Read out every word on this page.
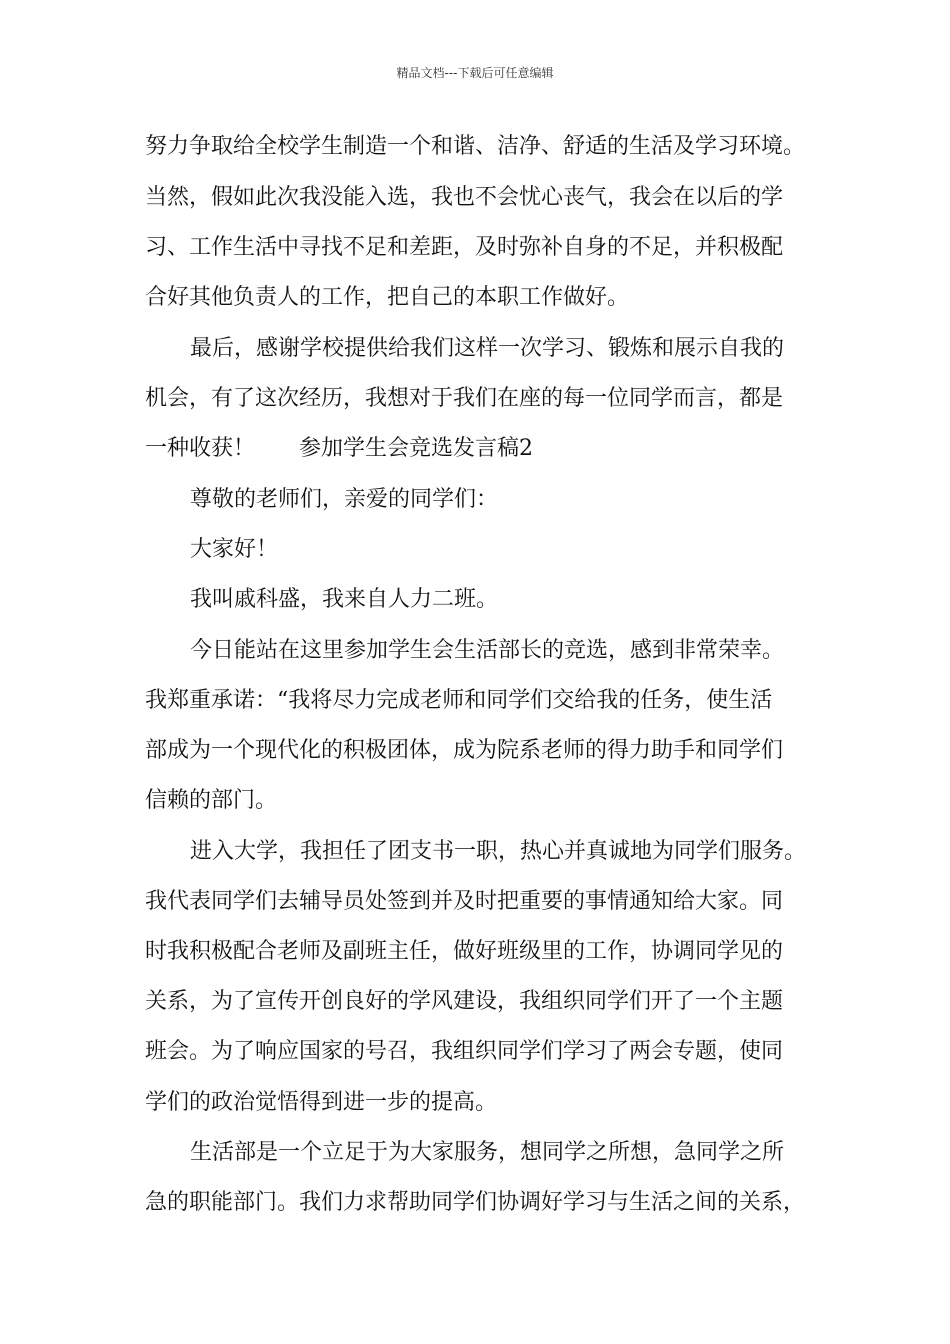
精品文档---下载后可任意编辑
努力争取给全校学生制造一个和谐、洁净、舒适的生活及学习环境。
当然，假如此次我没能入选，我也不会忧心丧气，我会在以后的学
习、工作生活中寻找不足和差距，及时弥补自身的不足，并积极配
合好其他负责人的工作，把自己的本职工作做好。
最后，感谢学校提供给我们这样一次学习、锻炼和展示自我的
机会，有了这次经历，我想对于我们在座的每一位同学而言，都是
一种收获！　　参加学生会竞选发言稿2
尊敬的老师们，亲爱的同学们：
大家好！
我叫戚科盛，我来自人力二班。
今日能站在这里参加学生会生活部长的竞选，感到非常荣幸。
我郑重承诺：“我将尽力完成老师和同学们交给我的任务，使生活
部成为一个现代化的积极团体，成为院系老师的得力助手和同学们
信赖的部门。
进入大学，我担任了团支书一职，热心并真诚地为同学们服务。
我代表同学们去辅导员处签到并及时把重要的事情通知给大家。同
时我积极配合老师及副班主任，做好班级里的工作，协调同学见的
关系，为了宣传开创良好的学风建设，我组织同学们开了一个主题
班会。为了响应国家的号召，我组织同学们学习了两会专题，使同
学们的政治觉悟得到进一步的提高。
生活部是一个立足于为大家服务，想同学之所想，急同学之所
急的职能部门。我们力求帮助同学们协调好学习与生活之间的关系，
